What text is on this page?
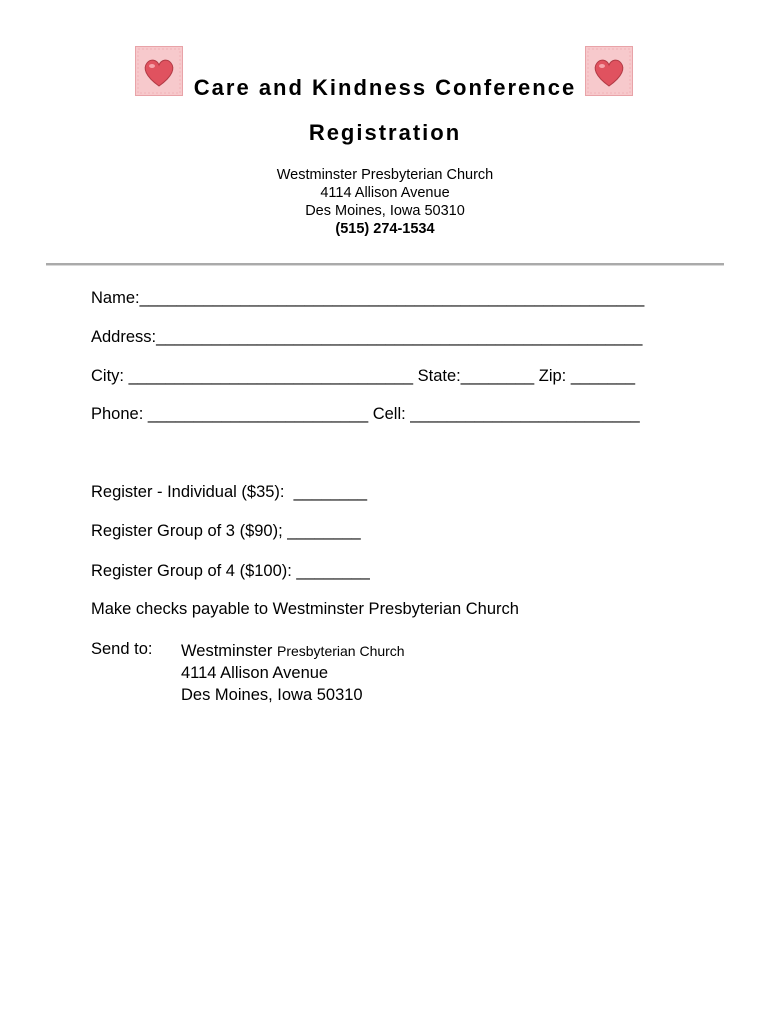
Care and Kindness Conference
Registration
Westminster Presbyterian Church
4114 Allison Avenue
Des Moines, Iowa 50310
(515) 274-1534
Name:_______________________________________________________
Address:_____________________________________________________
City: _______________________________ State:________ Zip: _______
Phone: ________________________ Cell: _________________________
Register - Individual ($35):  ________
Register Group of 3 ($90); ________
Register Group of 4 ($100): ________
Make checks payable to Westminster Presbyterian Church
Send to: Westminster Presbyterian Church
4114 Allison Avenue
Des Moines, Iowa 50310
